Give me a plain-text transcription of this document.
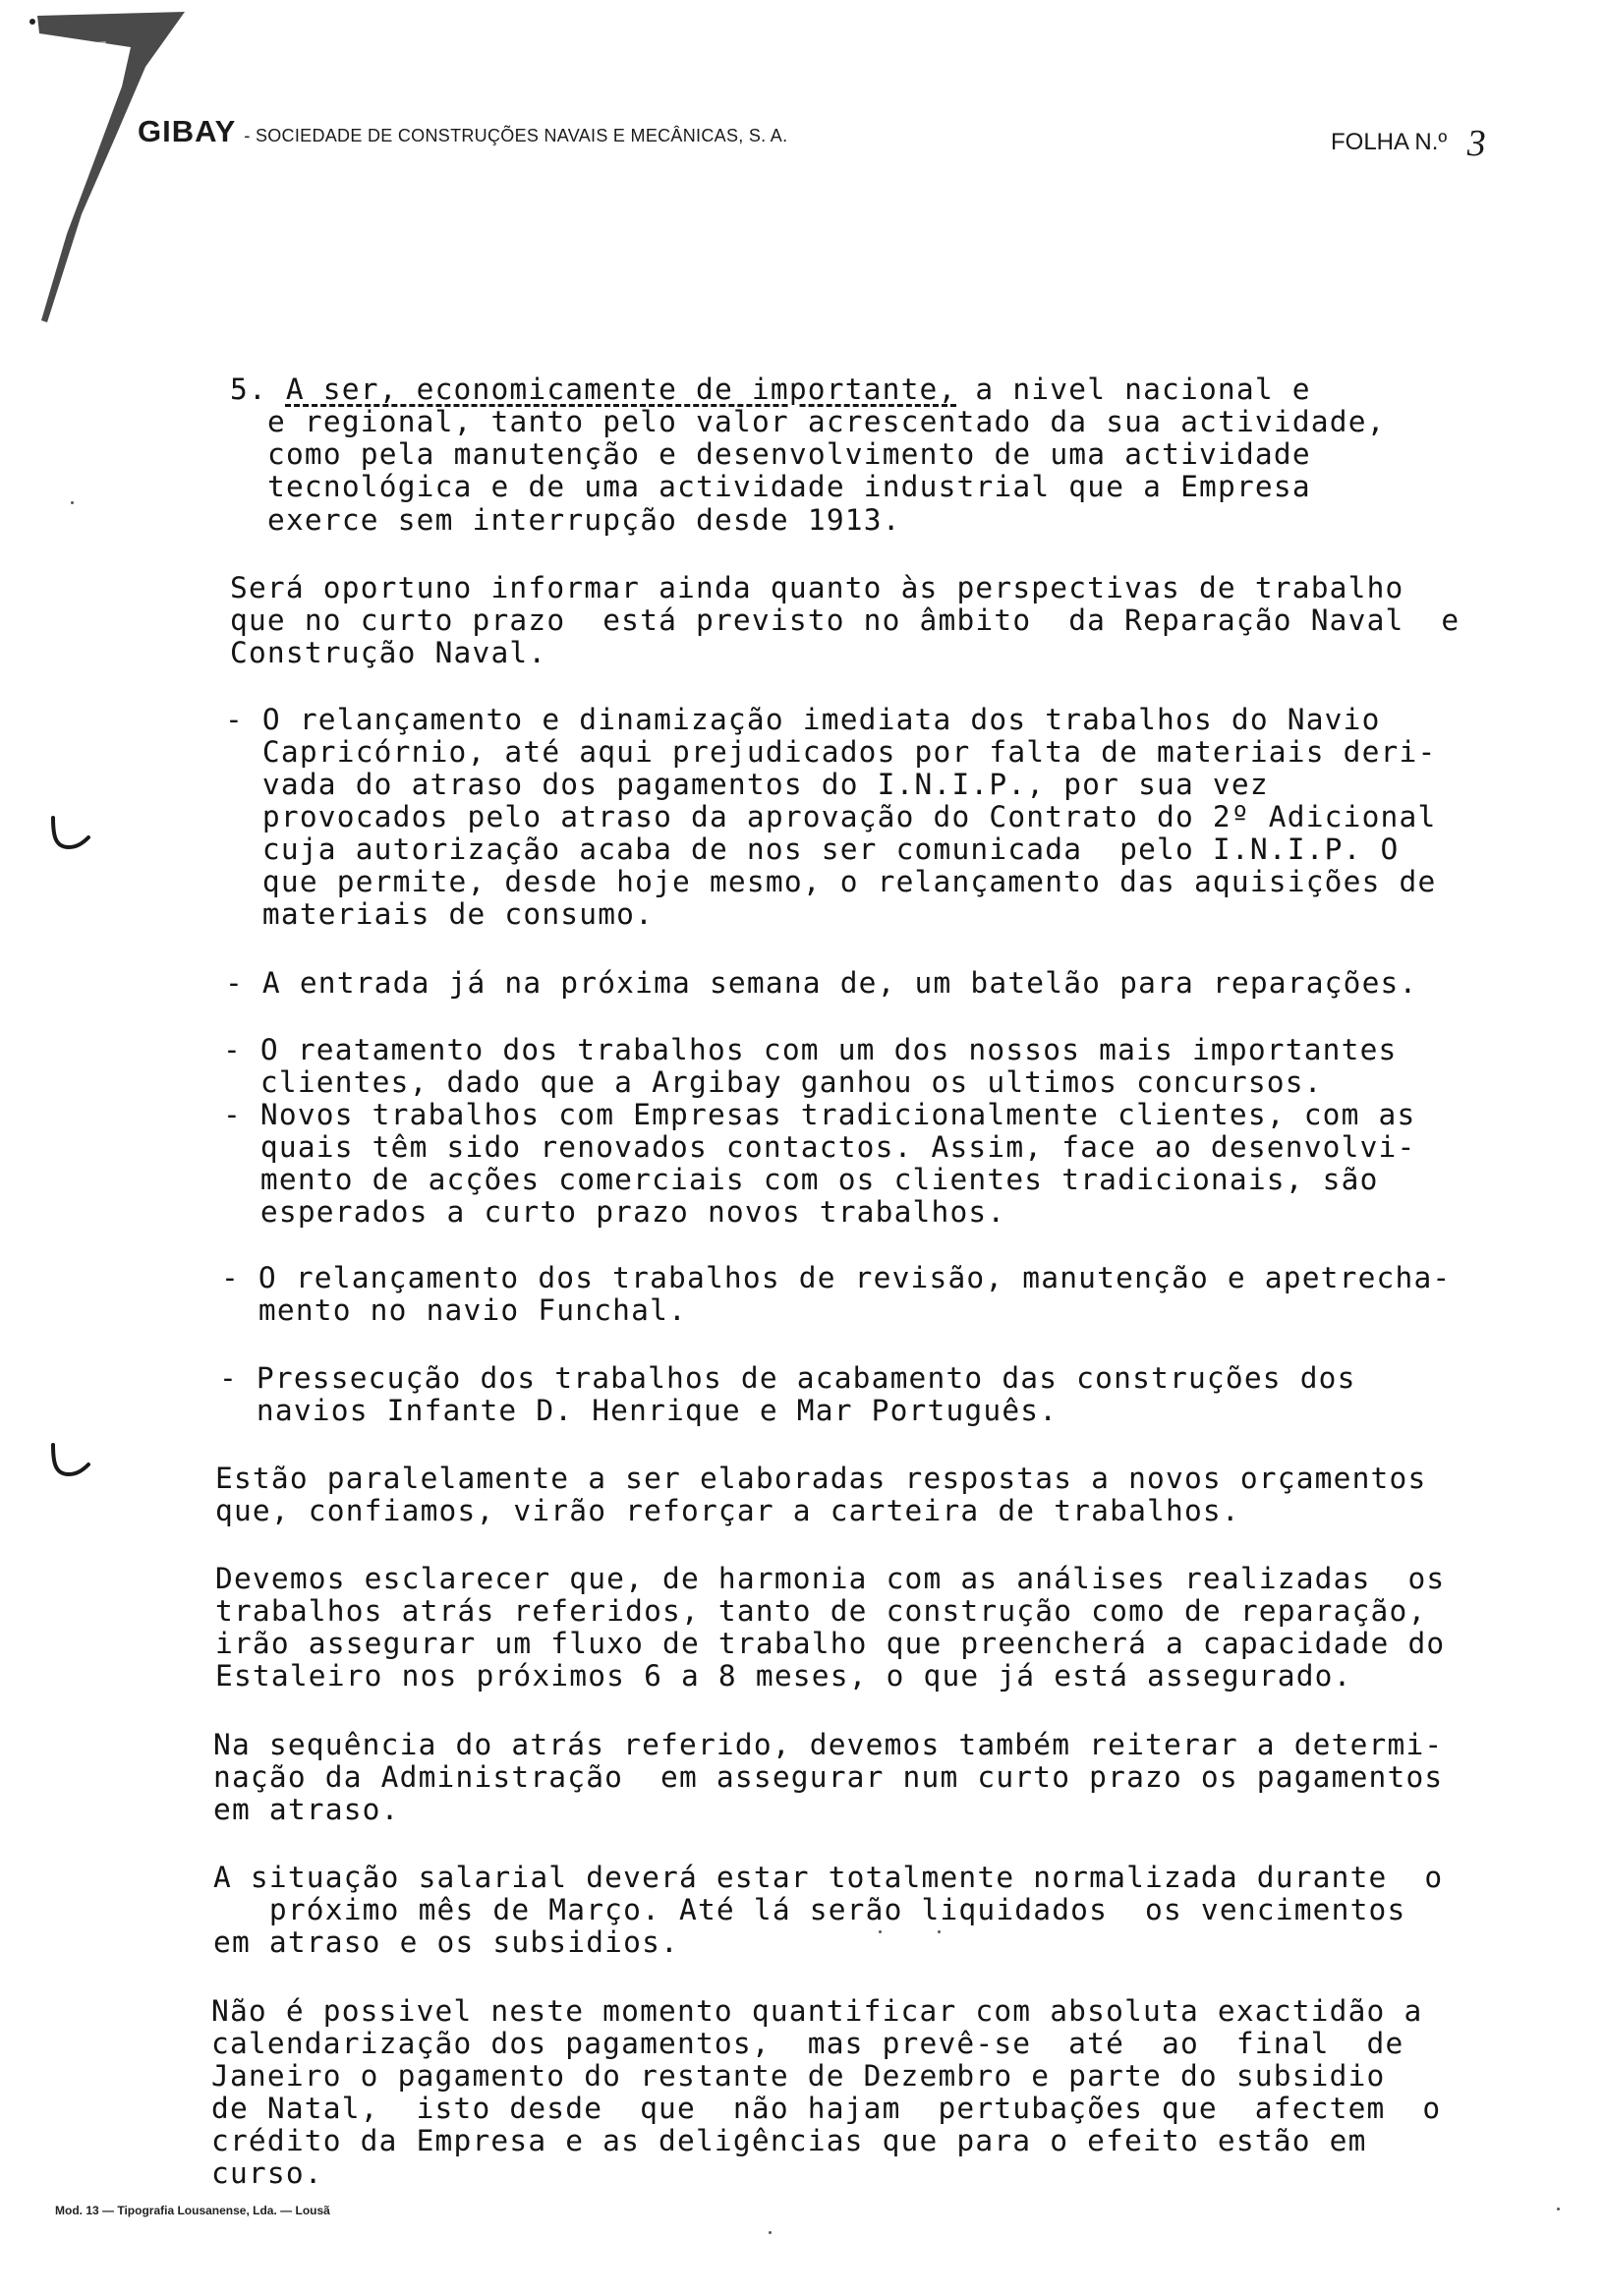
GIBAY - SOCIEDADE DE CONSTRUÇÕES NAVAIS E MECÂNICAS, S. A.	FOLHA N.º 3
5. A ser, economicamente de importante, a nivel nacional e
e regional, tanto pelo valor acrescentado da sua actividade,
como pela manutenção e desenvolvimento de uma actividade
tecnológica e de uma actividade industrial que a Empresa
exerce sem interrupção desde 1913.
Será oportuno informar ainda quanto às perspectivas de trabalho
que no curto prazo  está previsto no âmbito  da Reparação Naval  e
Construção Naval.
- O relançamento e dinamização imediata dos trabalhos do Navio
Capricórnio, até aqui prejudicados por falta de materiais deri-
vada do atraso dos pagamentos do I.N.I.P., por sua vez
provocados pelo atraso da aprovação do Contrato do 2º Adicional
cuja autorização acaba de nos ser comunicada  pelo I.N.I.P. O
que permite, desde hoje mesmo, o relançamento das aquisições de
materiais de consumo.
- A entrada já na próxima semana de, um batelão para reparações.
- O reatamento dos trabalhos com um dos nossos mais importantes
clientes, dado que a Argibay ganhou os ultimos concursos.
- Novos trabalhos com Empresas tradicionalmente clientes, com as
quais têm sido renovados contactos. Assim, face ao desenvolvi-
mento de acções comerciais com os clientes tradicionais, são
esperados a curto prazo novos trabalhos.
- O relançamento dos trabalhos de revisão, manutenção e apetrecha-
mento no navio Funchal.
- Pressecução dos trabalhos de acabamento das construções dos
navios Infante D. Henrique e Mar Português.
Estão paralelamente a ser elaboradas respostas a novos orçamentos
que, confiamos, virão reforçar a carteira de trabalhos.
Devemos esclarecer que, de harmonia com as análises realizadas  os
trabalhos atrás referidos, tanto de construção como de reparação,
irão assegurar um fluxo de trabalho que preencherá a capacidade do
Estaleiro nos próximos 6 a 8 meses, o que já está assegurado.
Na sequência do atrás referido, devemos também reiterar a determi-
nação da Administração  em assegurar num curto prazo os pagamentos
em atraso.
A situação salarial deverá estar totalmente normalizada durante  o
próximo mês de Março. Até lá serão liquidados  os vencimentos
em atraso e os subsidios.
Não é possivel neste momento quantificar com absoluta exactidão a
calendarização dos pagamentos,  mas prevê-se  até  ao  final  de
Janeiro o pagamento do restante de Dezembro e parte do subsidio
de Natal,  isto desde  que  não hajam  pertubações que  afectem  o
crédito da Empresa e as deligências que para o efeito estão em
curso.
Mod. 13 — Tipografia Lousanense, Lda. — Lousã
